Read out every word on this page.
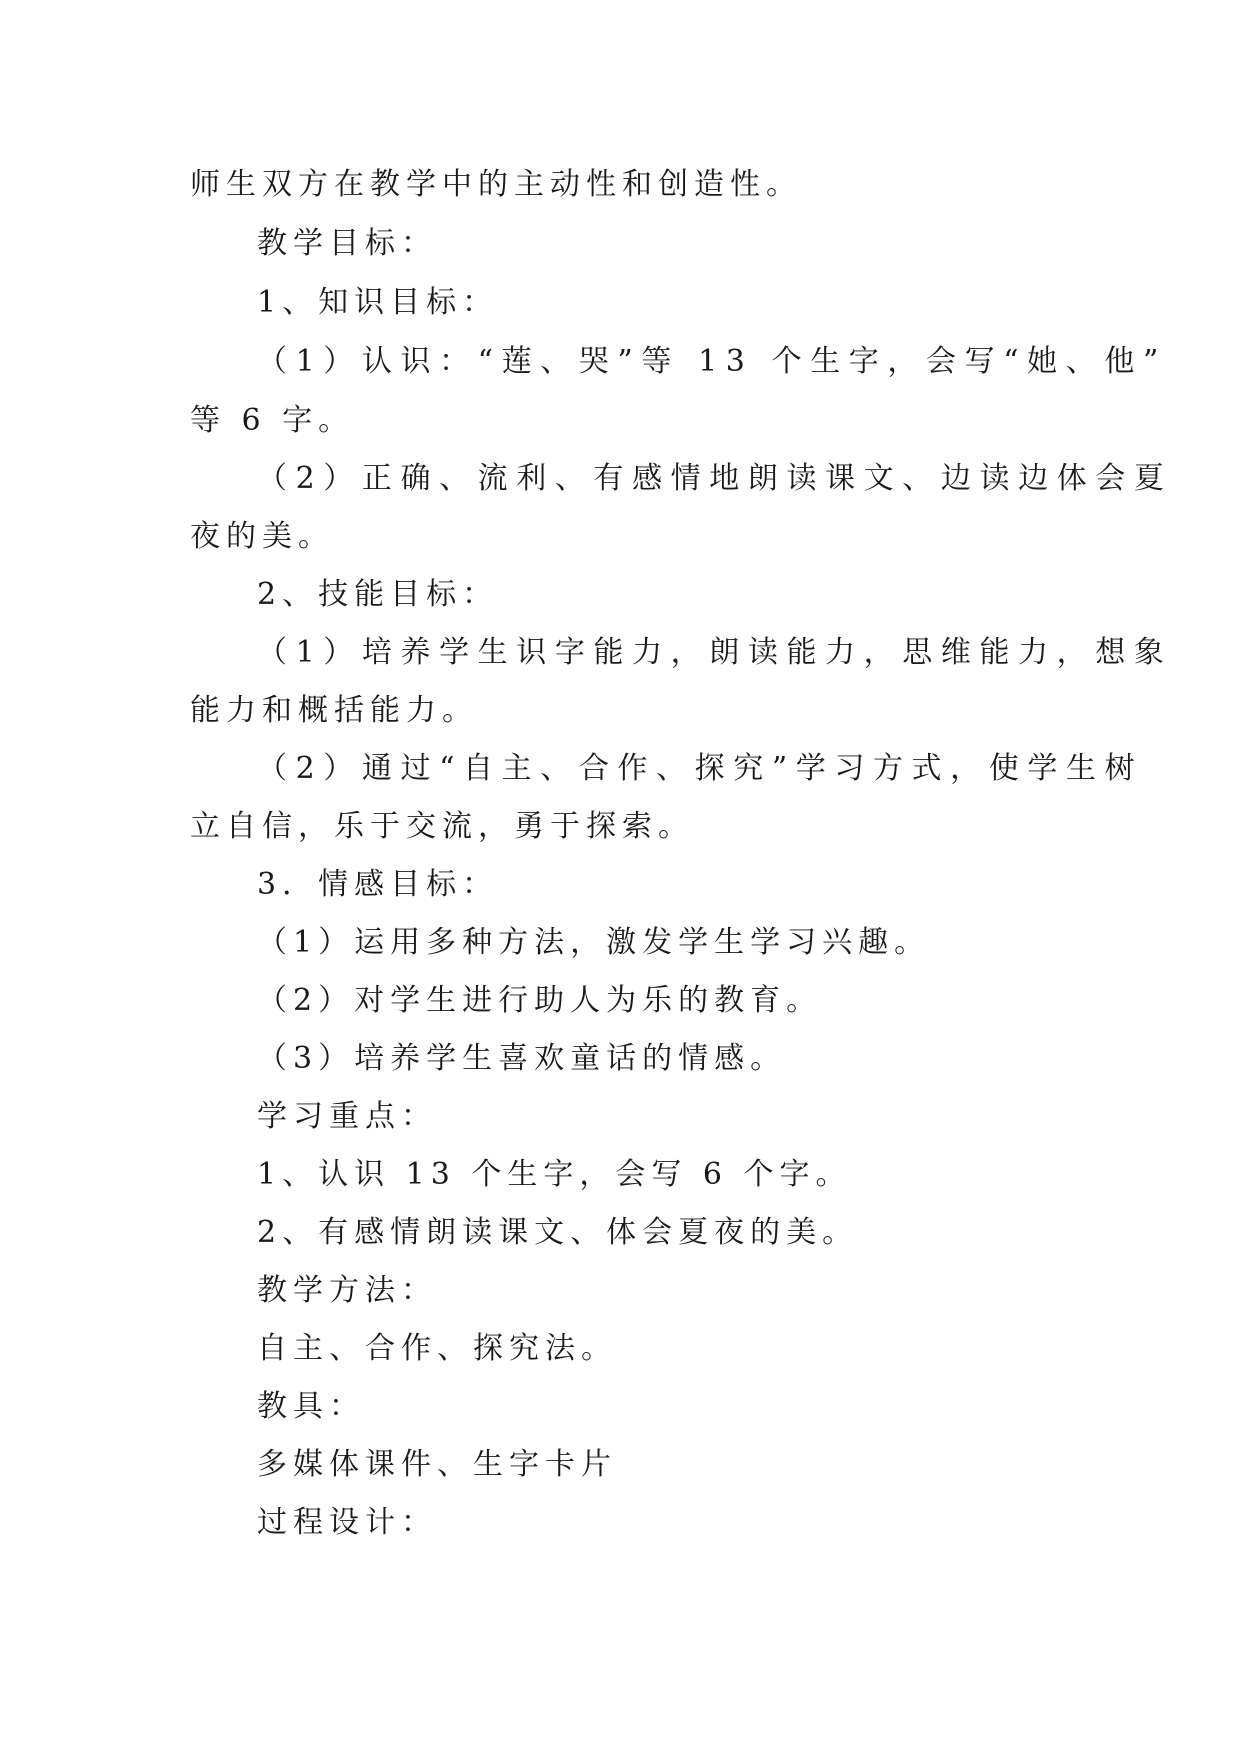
师生双方在教学中的主动性和创造性。
教学目标：
1、知识目标：
（1）认识：“莲、哭”等 13 个生字，会写“她、他”
等 6 字。
（2）正确、流利、有感情地朗读课文、边读边体会夏
夜的美。
2、技能目标：
（1）培养学生识字能力，朗读能力，思维能力，想象
能力和概括能力。
（2）通过“自主、合作、探究”学习方式，使学生树
立自信，乐于交流，勇于探索。
3．情感目标：
（1）运用多种方法，激发学生学习兴趣。
（2）对学生进行助人为乐的教育。
（3）培养学生喜欢童话的情感。
学习重点：
1、认识 13 个生字，会写 6 个字。
2、有感情朗读课文、体会夏夜的美。
教学方法：
自主、合作、探究法。
教具：
多媒体课件、生字卡片
过程设计：
